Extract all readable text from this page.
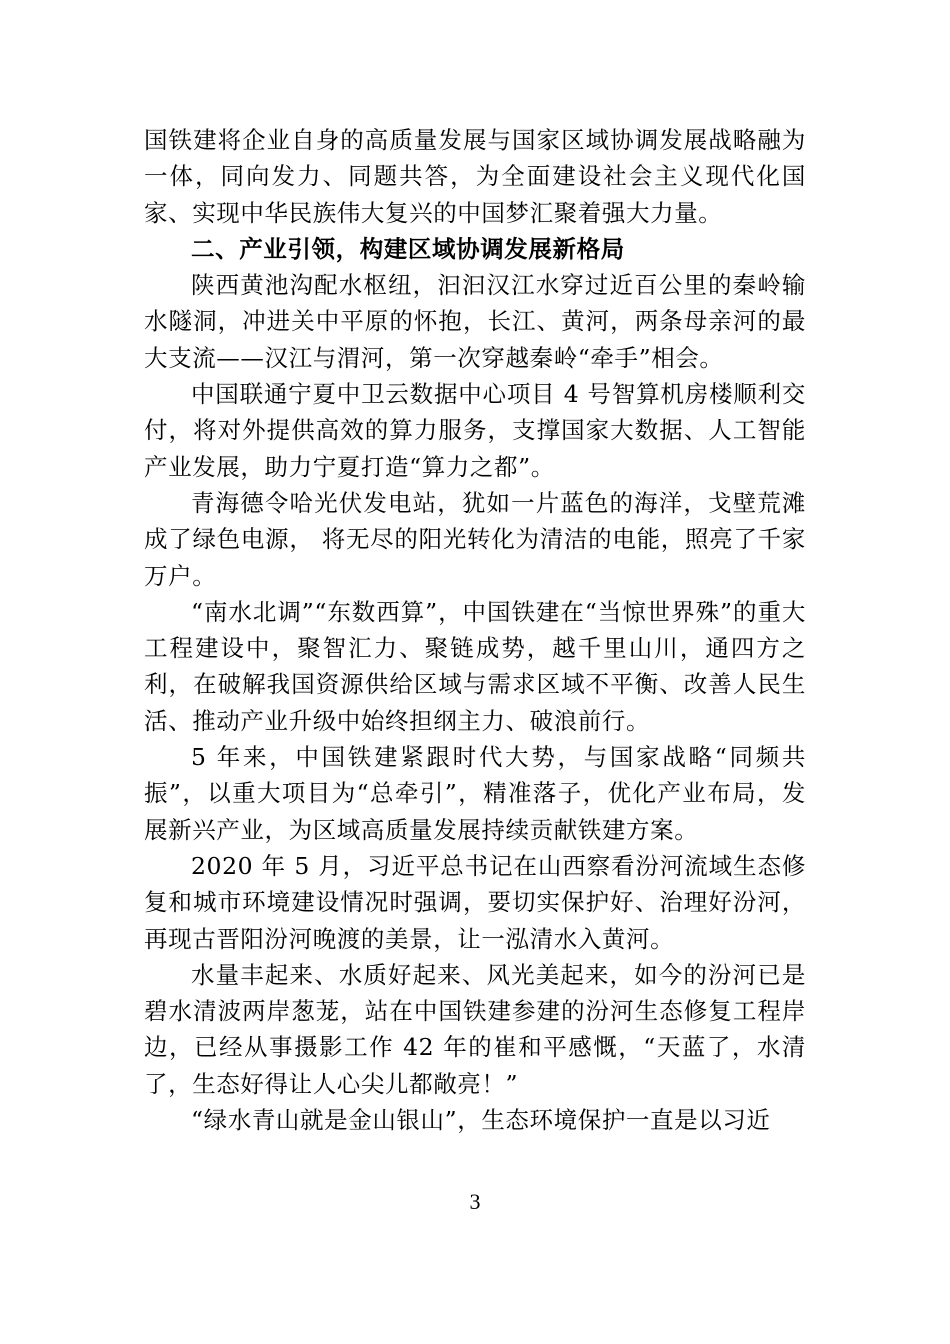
国铁建将企业自身的高质量发展与国家区域协调发展战略融为一体，同向发力、同题共答，为全面建设社会主义现代化国家、实现中华民族伟大复兴的中国梦汇聚着强大力量。

二、产业引领，构建区域协调发展新格局

陕西黄池沟配水枢纽，汩汩汉江水穿过近百公里的秦岭输水隧洞，冲进关中平原的怀抱，长江、黄河，两条母亲河的最大支流——汉江与渭河，第一次穿越秦岭“牵手”相会。

中国联通宁夏中卫云数据中心项目 4 号智算机房楼顺利交付，将对外提供高效的算力服务，支撑国家大数据、人工智能产业发展，助力宁夏打造“算力之都”。

青海德令哈光伏发电站，犹如一片蓝色的海洋，戈壁荒滩成了绿色电源， 将无尽的阳光转化为清洁的电能，照亮了千家万户。

“南水北调”“东数西算”，中国铁建在“当惊世界殊”的重大工程建设中，聚智汇力、聚链成势，越千里山川，通四方之利，在破解我国资源供给区域与需求区域不平衡、改善人民生活、推动产业升级中始终担纲主力、破浪前行。

5 年来，中国铁建紧跟时代大势，与国家战略“同频共振”，以重大项目为“总牵引”，精准落子，优化产业布局，发展新兴产业，为区域高质量发展持续贡献铁建方案。

2020 年 5 月，习近平总书记在山西察看汾河流域生态修复和城市环境建设情况时强调，要切实保护好、治理好汾河，再现古晋阳汾河晚渡的美景，让一泓清水入黄河。

水量丰起来、水质好起来、风光美起来，如今的汾河已是碧水清波两岸葱茏，站在中国铁建参建的汾河生态修复工程岸边，已经从事摄影工作 42 年的崔和平感慨，“天蓝了，水清了，生态好得让人心尖儿都敞亮！”

“绿水青山就是金山银山”，生态环境保护一直是以习近

3
